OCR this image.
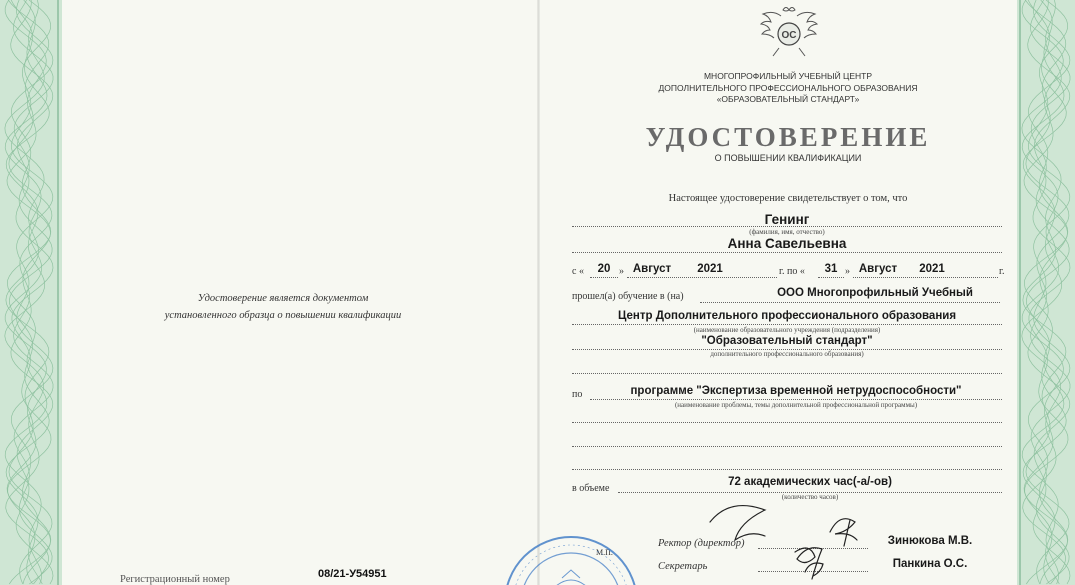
Удостоверение является документом
установленного образца о повышении квалификации
Регистрационный номер	08/21-У54951
ОС
МНОГОПРОФИЛЬНЫЙ УЧЕБНЫЙ ЦЕНТР
ДОПОЛНИТЕЛЬНОГО ПРОФЕССИОНАЛЬНОГО ОБРАЗОВАНИЯ
«ОБРАЗОВАТЕЛЬНЫЙ СТАНДАРТ»
УДОСТОВЕРЕНИЕ
О ПОВЫШЕНИИ КВАЛИФИКАЦИИ
Настоящее удостоверение свидетельствует о том, что
Генинг
(фамилия, имя, отчество)
Анна Савельевна
с «	20 » Август	2021	г. по «	31 » Август	2021	г.
прошел(а) обучение в (на)	ООО Многопрофильный Учебный
Центр Дополнительного профессионального образования
(наименование образовательного учреждения (подразделения)
"Образовательный стандарт"
дополнительного профессионального образования)
по	программе "Экспертиза временной нетрудоспособности"
(наименование проблемы, темы дополнительной профессиональной программы)
в объеме
72 академических час(-а/-ов)
(количество часов)
М.П.
Ректор (директор)	Зинюкова М.В.
Секретарь	Панкина О.С.
